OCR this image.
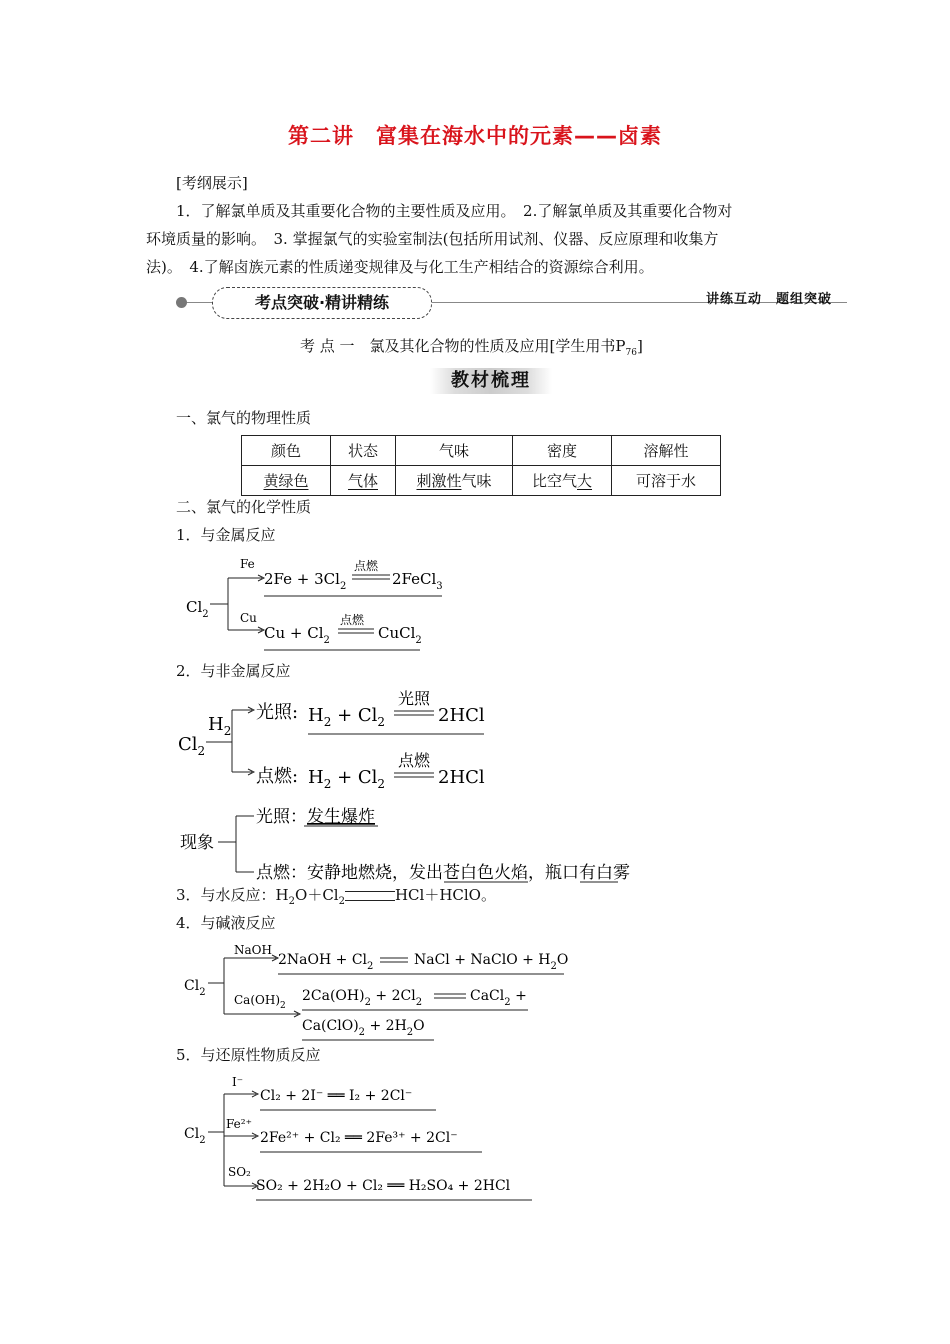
第二讲　富集在海水中的元素——卤素
[考纲展示]
1．了解氯单质及其重要化合物的主要性质及应用。　2.了解氯单质及其重要化合物对
环境质量的影响。　3. 掌握氯气的实验室制法(包括所用试剂、仪器、反应原理和收集方
法)。　4.了解卤族元素的性质递变规律及与化工生产相结合的资源综合利用。
考点突破·精讲精练	讲练互动　题组突破
考 点 一　氯及其化合物的性质及应用[学生用书$P_{76}$]
教材梳理
一、氯气的物理性质
颜色	状态	气味	密度	溶解性
黄绿色	气体	刺激性气味	比空气大	可溶于水
二、氯气的化学性质
1．与金属反应
$Cl_2$
Fe
Cu
$2Fe + 3Cl_2$
点燃
2FeCl$_3$
$Cu + Cl_2$
点燃
CuCl$_2$
2．与非金属反应
$Cl_2$
$H_2$
光照: $H_2 + Cl_2$
光照
2HCl
点燃: $H_2 + Cl_2$
点燃
2HCl
现象
光照：发生爆炸
点燃：安静地燃烧，发出苍白色火焰，瓶口有白雾
3．与水反应：$H_2O+Cl_2$	HCl＋HClO。
4．与碱液反应
$Cl_2$
NaOH
2NaOH + $Cl_2$	NaCl + NaClO + $H_2O$
$Ca(OH)_2$
$2Ca(OH)_2 + 2Cl_2$	CaCl$_2$ +
$Ca(ClO)_2 + 2H_2O$
5．与还原性物质反应
$Cl_2$
I⁻
Cl₂ + 2I⁻ ══ I₂ + 2Cl⁻
Fe²⁺
2Fe²⁺ + Cl₂ ══ 2Fe³⁺ + 2Cl⁻
SO₂
SO₂ + 2H₂O + Cl₂ ══ H₂SO₄ + 2HCl
